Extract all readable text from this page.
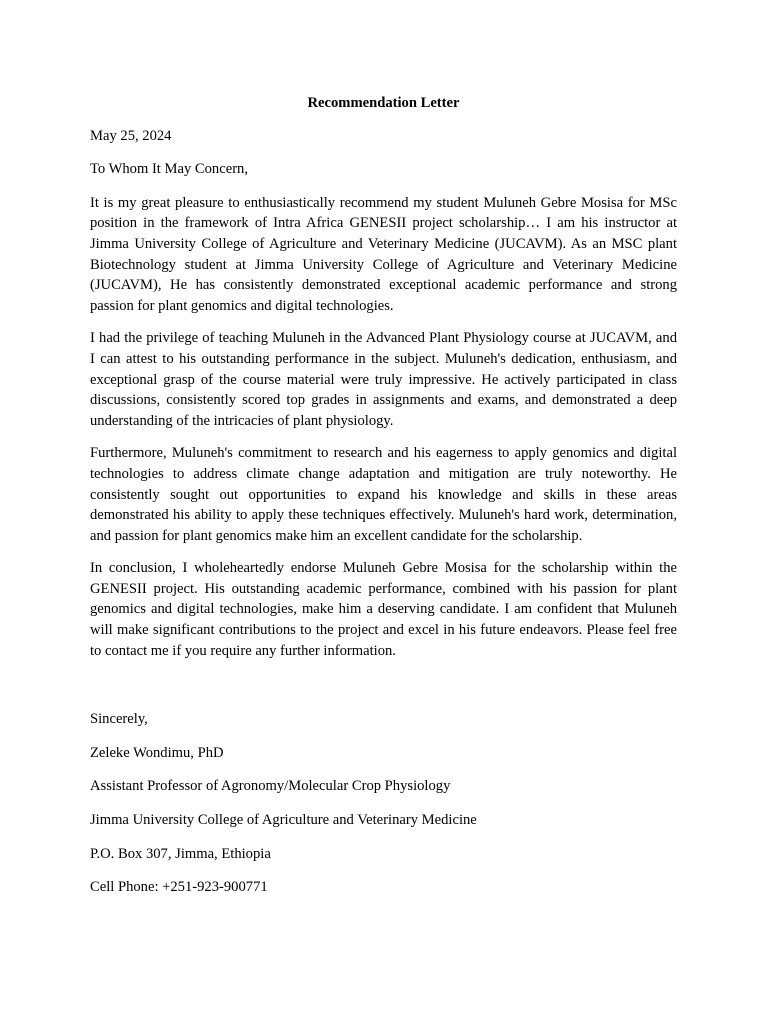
Recommendation Letter
May 25, 2024
To Whom It May Concern,
It is my great pleasure to enthusiastically recommend my student Muluneh Gebre Mosisa for MSc position in the framework of Intra Africa GENESII project scholarship… I am his instructor at Jimma University College of Agriculture and Veterinary Medicine (JUCAVM). As an MSC plant Biotechnology student at Jimma University College of Agriculture and Veterinary Medicine (JUCAVM), He has consistently demonstrated exceptional academic performance and strong passion for plant genomics and digital technologies.
I had the privilege of teaching Muluneh in the Advanced Plant Physiology course at JUCAVM, and I can attest to his outstanding performance in the subject. Muluneh's dedication, enthusiasm, and exceptional grasp of the course material were truly impressive. He actively participated in class discussions, consistently scored top grades in assignments and exams, and demonstrated a deep understanding of the intricacies of plant physiology.
Furthermore, Muluneh's commitment to research and his eagerness to apply genomics and digital technologies to address climate change adaptation and mitigation are truly noteworthy. He consistently sought out opportunities to expand his knowledge and skills in these areas demonstrated his ability to apply these techniques effectively. Muluneh's hard work, determination, and passion for plant genomics make him an excellent candidate for the scholarship.
In conclusion, I wholeheartedly endorse Muluneh Gebre Mosisa for the scholarship within the GENESII project. His outstanding academic performance, combined with his passion for plant genomics and digital technologies, make him a deserving candidate. I am confident that Muluneh will make significant contributions to the project and excel in his future endeavors. Please feel free to contact me if you require any further information.
Sincerely,
Zeleke Wondimu, PhD
Assistant Professor of Agronomy/Molecular Crop Physiology
Jimma University College of Agriculture and Veterinary Medicine
P.O. Box 307, Jimma, Ethiopia
Cell Phone: +251-923-900771
